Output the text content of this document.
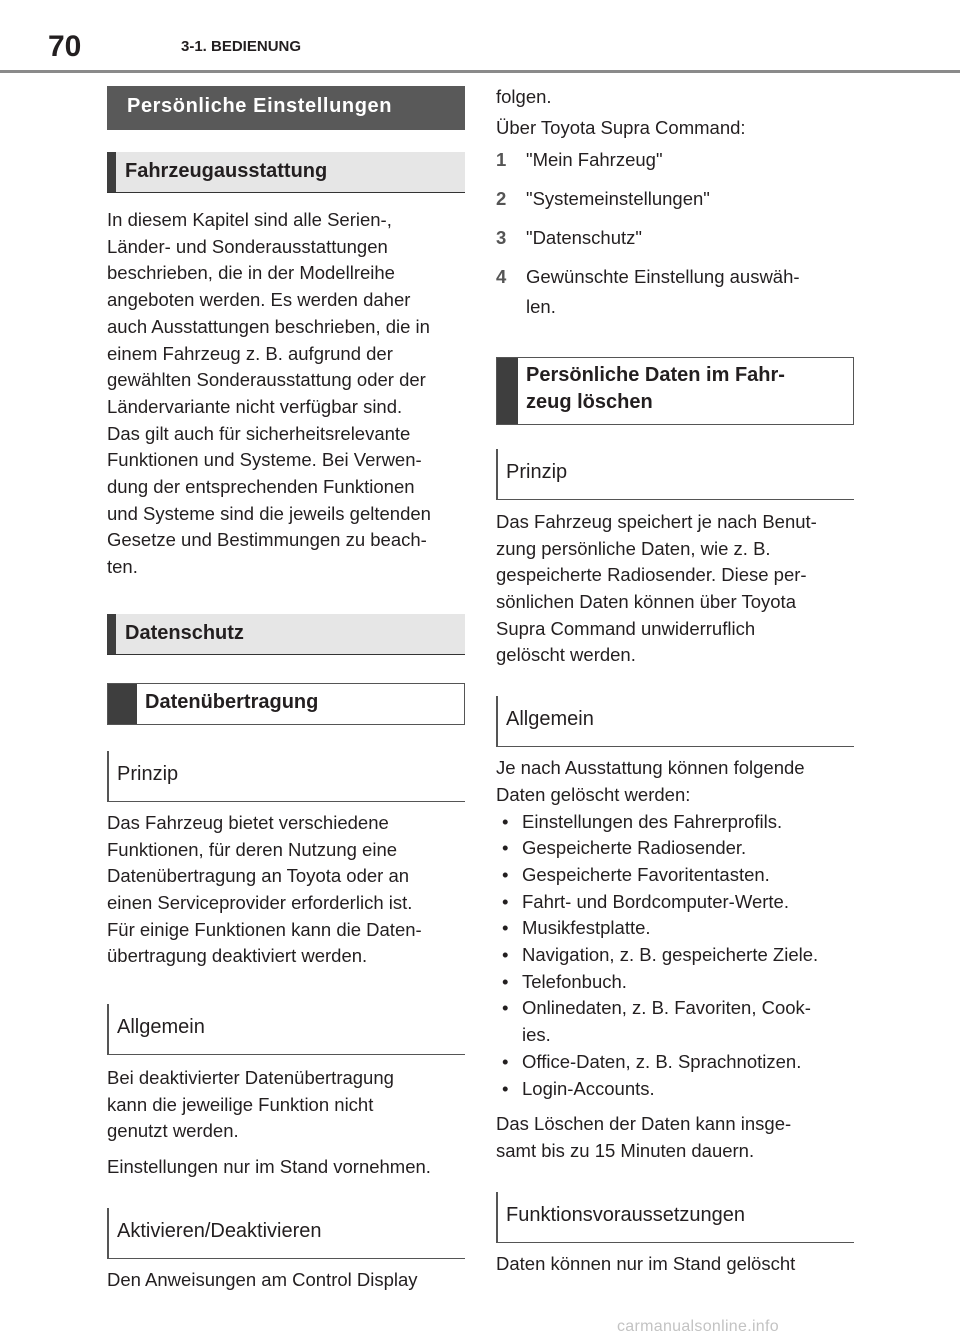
70	3-1. BEDIENUNG
Persönliche Einstellungen
Fahrzeugausstattung

In diesem Kapitel sind alle Serien-,
Länder- und Sonderausstattungen
beschrieben, die in der Modellreihe
angeboten werden. Es werden daher
auch Ausstattungen beschrieben, die in
einem Fahrzeug z. B. aufgrund der
gewählten Sonderausstattung oder der
Ländervariante nicht verfügbar sind.
Das gilt auch für sicherheitsrelevante
Funktionen und Systeme. Bei Verwen-
dung der entsprechenden Funktionen
und Systeme sind die jeweils geltenden
Gesetze und Bestimmungen zu beach-
ten.

Datenschutz
Datenübertragung
Prinzip

Das Fahrzeug bietet verschiedene
Funktionen, für deren Nutzung eine
Datenübertragung an Toyota oder an
einen Serviceprovider erforderlich ist.
Für einige Funktionen kann die Daten-
übertragung deaktiviert werden.

Allgemein

Bei deaktivierter Datenübertragung
kann die jeweilige Funktion nicht
genutzt werden.

Einstellungen nur im Stand vornehmen.

Aktivieren/Deaktivieren

Den Anweisungen am Control Display

folgen.

Über Toyota Supra Command:

1	"Mein Fahrzeug"
2	"Systemeinstellungen"
3	"Datenschutz"
4	Gewünschte Einstellung auswäh-
len.
Persönliche Daten im Fahr-
zeug löschen
Prinzip

Das Fahrzeug speichert je nach Benut-
zung persönliche Daten, wie z. B.
gespeicherte Radiosender. Diese per-
sönlichen Daten können über Toyota
Supra Command unwiderruflich
gelöscht werden.

Allgemein

Je nach Ausstattung können folgende
Daten gelöscht werden:

• Einstellungen des Fahrerprofils.
• Gespeicherte Radiosender.
• Gespeicherte Favoritentasten.
• Fahrt- und Bordcomputer-Werte.
• Musikfestplatte.
• Navigation, z. B. gespeicherte Ziele.
• Telefonbuch.
• Onlinedaten, z. B. Favoriten, Cook-
ies.
• Office-Daten, z. B. Sprachnotizen.
• Login-Accounts.

Das Löschen der Daten kann insge-
samt bis zu 15 Minuten dauern.

Funktionsvoraussetzungen

Daten können nur im Stand gelöscht

carmanualsonline.info
